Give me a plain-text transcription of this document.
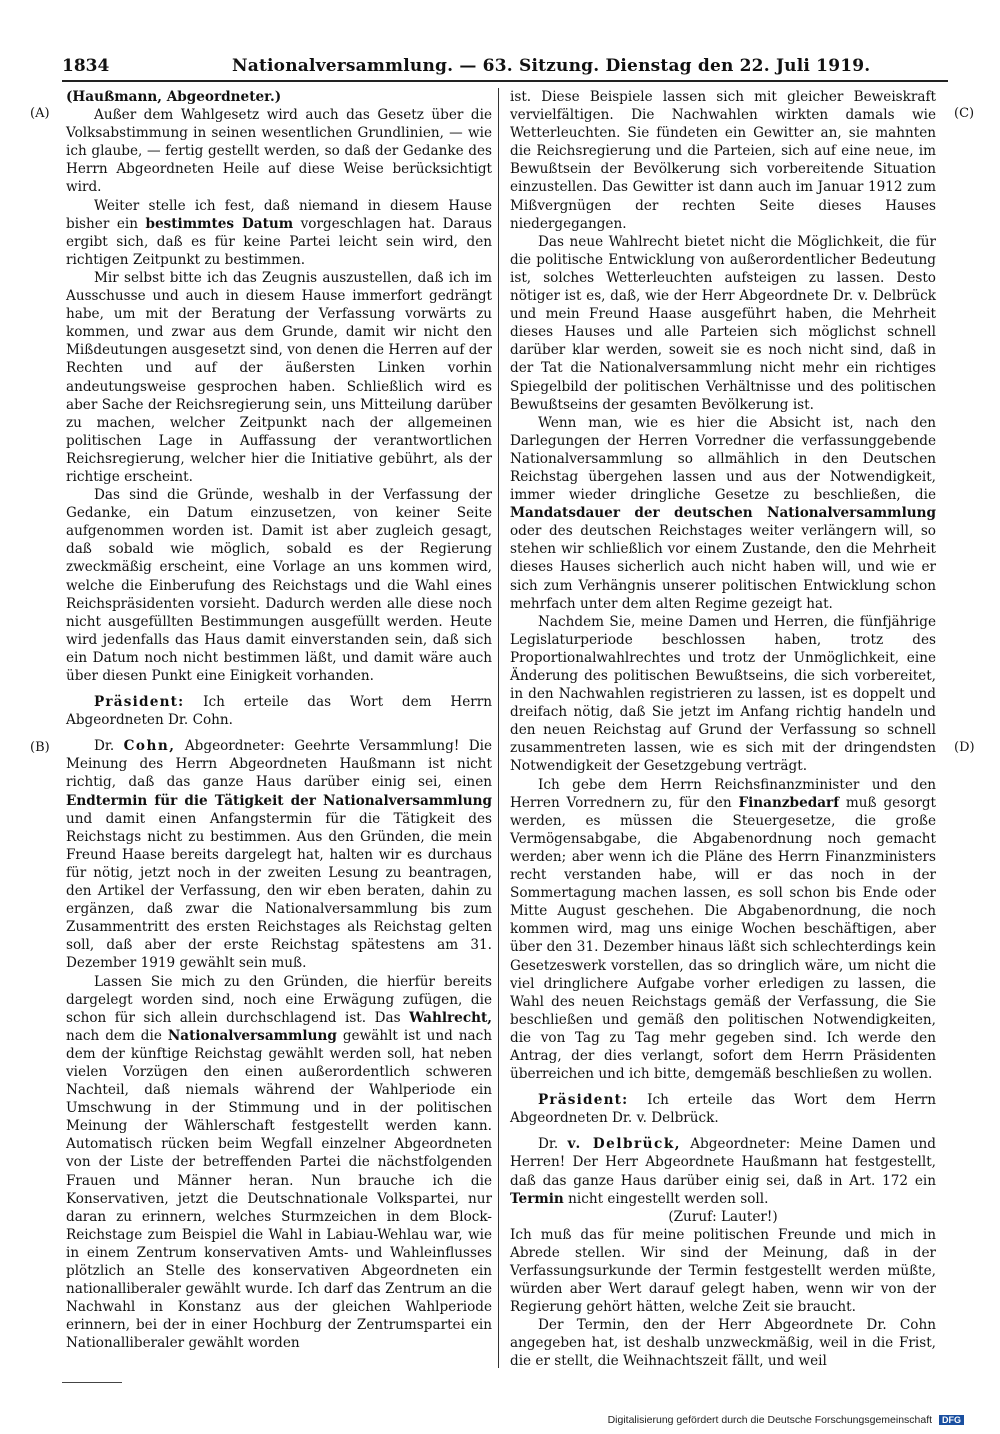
1834	Nationalversammlung. — 63. Sitzung. Dienstag den 22. Juli 1919.
(A)
(B)
(C)
(D)

(Haußmann, Abgeordneter.)

Außer dem Wahlgesetz wird auch das Gesetz über die Volksabstimmung in seinen wesentlichen Grundlinien, — wie ich glaube, — fertig gestellt werden, so daß der Gedanke des Herrn Abgeordneten Heile auf diese Weise berücksichtigt wird.

Weiter stelle ich fest, daß niemand in diesem Hause bisher ein bestimmtes Datum vorgeschlagen hat. Daraus ergibt sich, daß es für keine Partei leicht sein wird, den richtigen Zeitpunkt zu bestimmen.

Mir selbst bitte ich das Zeugnis auszustellen, daß ich im Ausschusse und auch in diesem Hause immerfort gedrängt habe, um mit der Beratung der Verfassung vorwärts zu kommen, und zwar aus dem Grunde, damit wir nicht den Mißdeutungen ausgesetzt sind, von denen die Herren auf der Rechten und auf der äußersten Linken vorhin andeutungsweise gesprochen haben. Schließlich wird es aber Sache der Reichsregierung sein, uns Mitteilung darüber zu machen, welcher Zeitpunkt nach der allgemeinen politischen Lage in Auffassung der verantwortlichen Reichsregierung, welcher hier die Initiative gebührt, als der richtige erscheint.

Das sind die Gründe, weshalb in der Verfassung der Gedanke, ein Datum einzusetzen, von keiner Seite aufgenommen worden ist. Damit ist aber zugleich gesagt, daß sobald wie möglich, sobald es der Regierung zweckmäßig erscheint, eine Vorlage an uns kommen wird, welche die Einberufung des Reichstags und die Wahl eines Reichspräsidenten vorsieht. Dadurch werden alle diese noch nicht ausgefüllten Bestimmungen ausgefüllt werden. Heute wird jedenfalls das Haus damit einverstanden sein, daß sich ein Datum noch nicht bestimmen läßt, und damit wäre auch über diesen Punkt eine Einigkeit vorhanden.

Präsident: Ich erteile das Wort dem Herrn Abgeordneten Dr. Cohn.

Dr. Cohn, Abgeordneter: Geehrte Versammlung! Die Meinung des Herrn Abgeordneten Haußmann ist nicht richtig, daß das ganze Haus darüber einig sei, einen Endtermin für die Tätigkeit der Nationalversammlung und damit einen Anfangstermin für die Tätigkeit des Reichstags nicht zu bestimmen. Aus den Gründen, die mein Freund Haase bereits dargelegt hat, halten wir es durchaus für nötig, jetzt noch in der zweiten Lesung zu beantragen, den Artikel der Verfassung, den wir eben beraten, dahin zu ergänzen, daß zwar die Nationalversammlung bis zum Zusammentritt des ersten Reichstages als Reichstag gelten soll, daß aber der erste Reichstag spätestens am 31. Dezember 1919 gewählt sein muß.

Lassen Sie mich zu den Gründen, die hierfür bereits dargelegt worden sind, noch eine Erwägung zufügen, die schon für sich allein durchschlagend ist. Das Wahlrecht, nach dem die Nationalversammlung gewählt ist und nach dem der künftige Reichstag gewählt werden soll, hat neben vielen Vorzügen den einen außerordentlich schweren Nachteil, daß niemals während der Wahlperiode ein Umschwung in der Stimmung und in der politischen Meinung der Wählerschaft festgestellt werden kann. Automatisch rücken beim Wegfall einzelner Abgeordneten von der Liste der betreffenden Partei die nächstfolgenden Frauen und Männer heran. Nun brauche ich die Konservativen, jetzt die Deutschnationale Volkspartei, nur daran zu erinnern, welches Sturmzeichen in dem Block-Reichstage zum Beispiel die Wahl in Labiau-Wehlau war, wie in einem Zentrum konservativen Amts- und Wahleinflusses plötzlich an Stelle des konservativen Abgeordneten ein nationalliberaler gewählt wurde. Ich darf das Zentrum an die Nachwahl in Konstanz aus der gleichen Wahlperiode erinnern, bei der in einer Hochburg der Zentrumspartei ein Nationalliberaler gewählt worden

ist. Diese Beispiele lassen sich mit gleicher Beweiskraft vervielfältigen. Die Nachwahlen wirkten damals wie Wetterleuchten. Sie fündeten ein Gewitter an, sie mahnten die Reichsregierung und die Parteien, sich auf eine neue, im Bewußtsein der Bevölkerung sich vorbereitende Situation einzustellen. Das Gewitter ist dann auch im Januar 1912 zum Mißvergnügen der rechten Seite dieses Hauses niedergegangen.

Das neue Wahlrecht bietet nicht die Möglichkeit, die für die politische Entwicklung von außerordentlicher Bedeutung ist, solches Wetterleuchten aufsteigen zu lassen. Desto nötiger ist es, daß, wie der Herr Abgeordnete Dr. v. Delbrück und mein Freund Haase ausgeführt haben, die Mehrheit dieses Hauses und alle Parteien sich möglichst schnell darüber klar werden, soweit sie es noch nicht sind, daß in der Tat die Nationalversammlung nicht mehr ein richtiges Spiegelbild der politischen Verhältnisse und des politischen Bewußtseins der gesamten Bevölkerung ist.

Wenn man, wie es hier die Absicht ist, nach den Darlegungen der Herren Vorredner die verfassunggebende Nationalversammlung so allmählich in den Deutschen Reichstag übergehen lassen und aus der Notwendigkeit, immer wieder dringliche Gesetze zu beschließen, die Mandatsdauer der deutschen Nationalversammlung oder des deutschen Reichstages weiter verlängern will, so stehen wir schließlich vor einem Zustande, den die Mehrheit dieses Hauses sicherlich auch nicht haben will, und wie er sich zum Verhängnis unserer politischen Entwicklung schon mehrfach unter dem alten Regime gezeigt hat.

Nachdem Sie, meine Damen und Herren, die fünfjährige Legislaturperiode beschlossen haben, trotz des Proportionalwahlrechtes und trotz der Unmöglichkeit, eine Änderung des politischen Bewußtseins, die sich vorbereitet, in den Nachwahlen registrieren zu lassen, ist es doppelt und dreifach nötig, daß Sie jetzt im Anfang richtig handeln und den neuen Reichstag auf Grund der Verfassung so schnell zusammentreten lassen, wie es sich mit der dringendsten Notwendigkeit der Gesetzgebung verträgt.

Ich gebe dem Herrn Reichsfinanzminister und den Herren Vorrednern zu, für den Finanzbedarf muß gesorgt werden, es müssen die Steuergesetze, die große Vermögensabgabe, die Abgabenordnung noch gemacht werden; aber wenn ich die Pläne des Herrn Finanzministers recht verstanden habe, will er das noch in der Sommertagung machen lassen, es soll schon bis Ende oder Mitte August geschehen. Die Abgabenordnung, die noch kommen wird, mag uns einige Wochen beschäftigen, aber über den 31. Dezember hinaus läßt sich schlechterdings kein Gesetzeswerk vorstellen, das so dringlich wäre, um nicht die viel dringlichere Aufgabe vorher erledigen zu lassen, die Wahl des neuen Reichstags gemäß der Verfassung, die Sie beschließen und gemäß den politischen Notwendigkeiten, die von Tag zu Tag mehr gegeben sind. Ich werde den Antrag, der dies verlangt, sofort dem Herrn Präsidenten überreichen und ich bitte, demgemäß beschließen zu wollen.

Präsident: Ich erteile das Wort dem Herrn Abgeordneten Dr. v. Delbrück.

Dr. v. Delbrück, Abgeordneter: Meine Damen und Herren! Der Herr Abgeordnete Haußmann hat festgestellt, daß das ganze Haus darüber einig sei, daß in Art. 172 ein Termin nicht eingestellt werden soll.

(Zuruf: Lauter!)

Ich muß das für meine politischen Freunde und mich in Abrede stellen. Wir sind der Meinung, daß in der Verfassungsurkunde der Termin festgestellt werden müßte, würden aber Wert darauf gelegt haben, wenn wir von der Regierung gehört hätten, welche Zeit sie braucht.

Der Termin, den der Herr Abgeordnete Dr. Cohn angegeben hat, ist deshalb unzweckmäßig, weil in die Frist, die er stellt, die Weihnachtszeit fällt, und weil

Digitalisierung gefördert durch die Deutsche Forschungsgemeinschaft DFG
